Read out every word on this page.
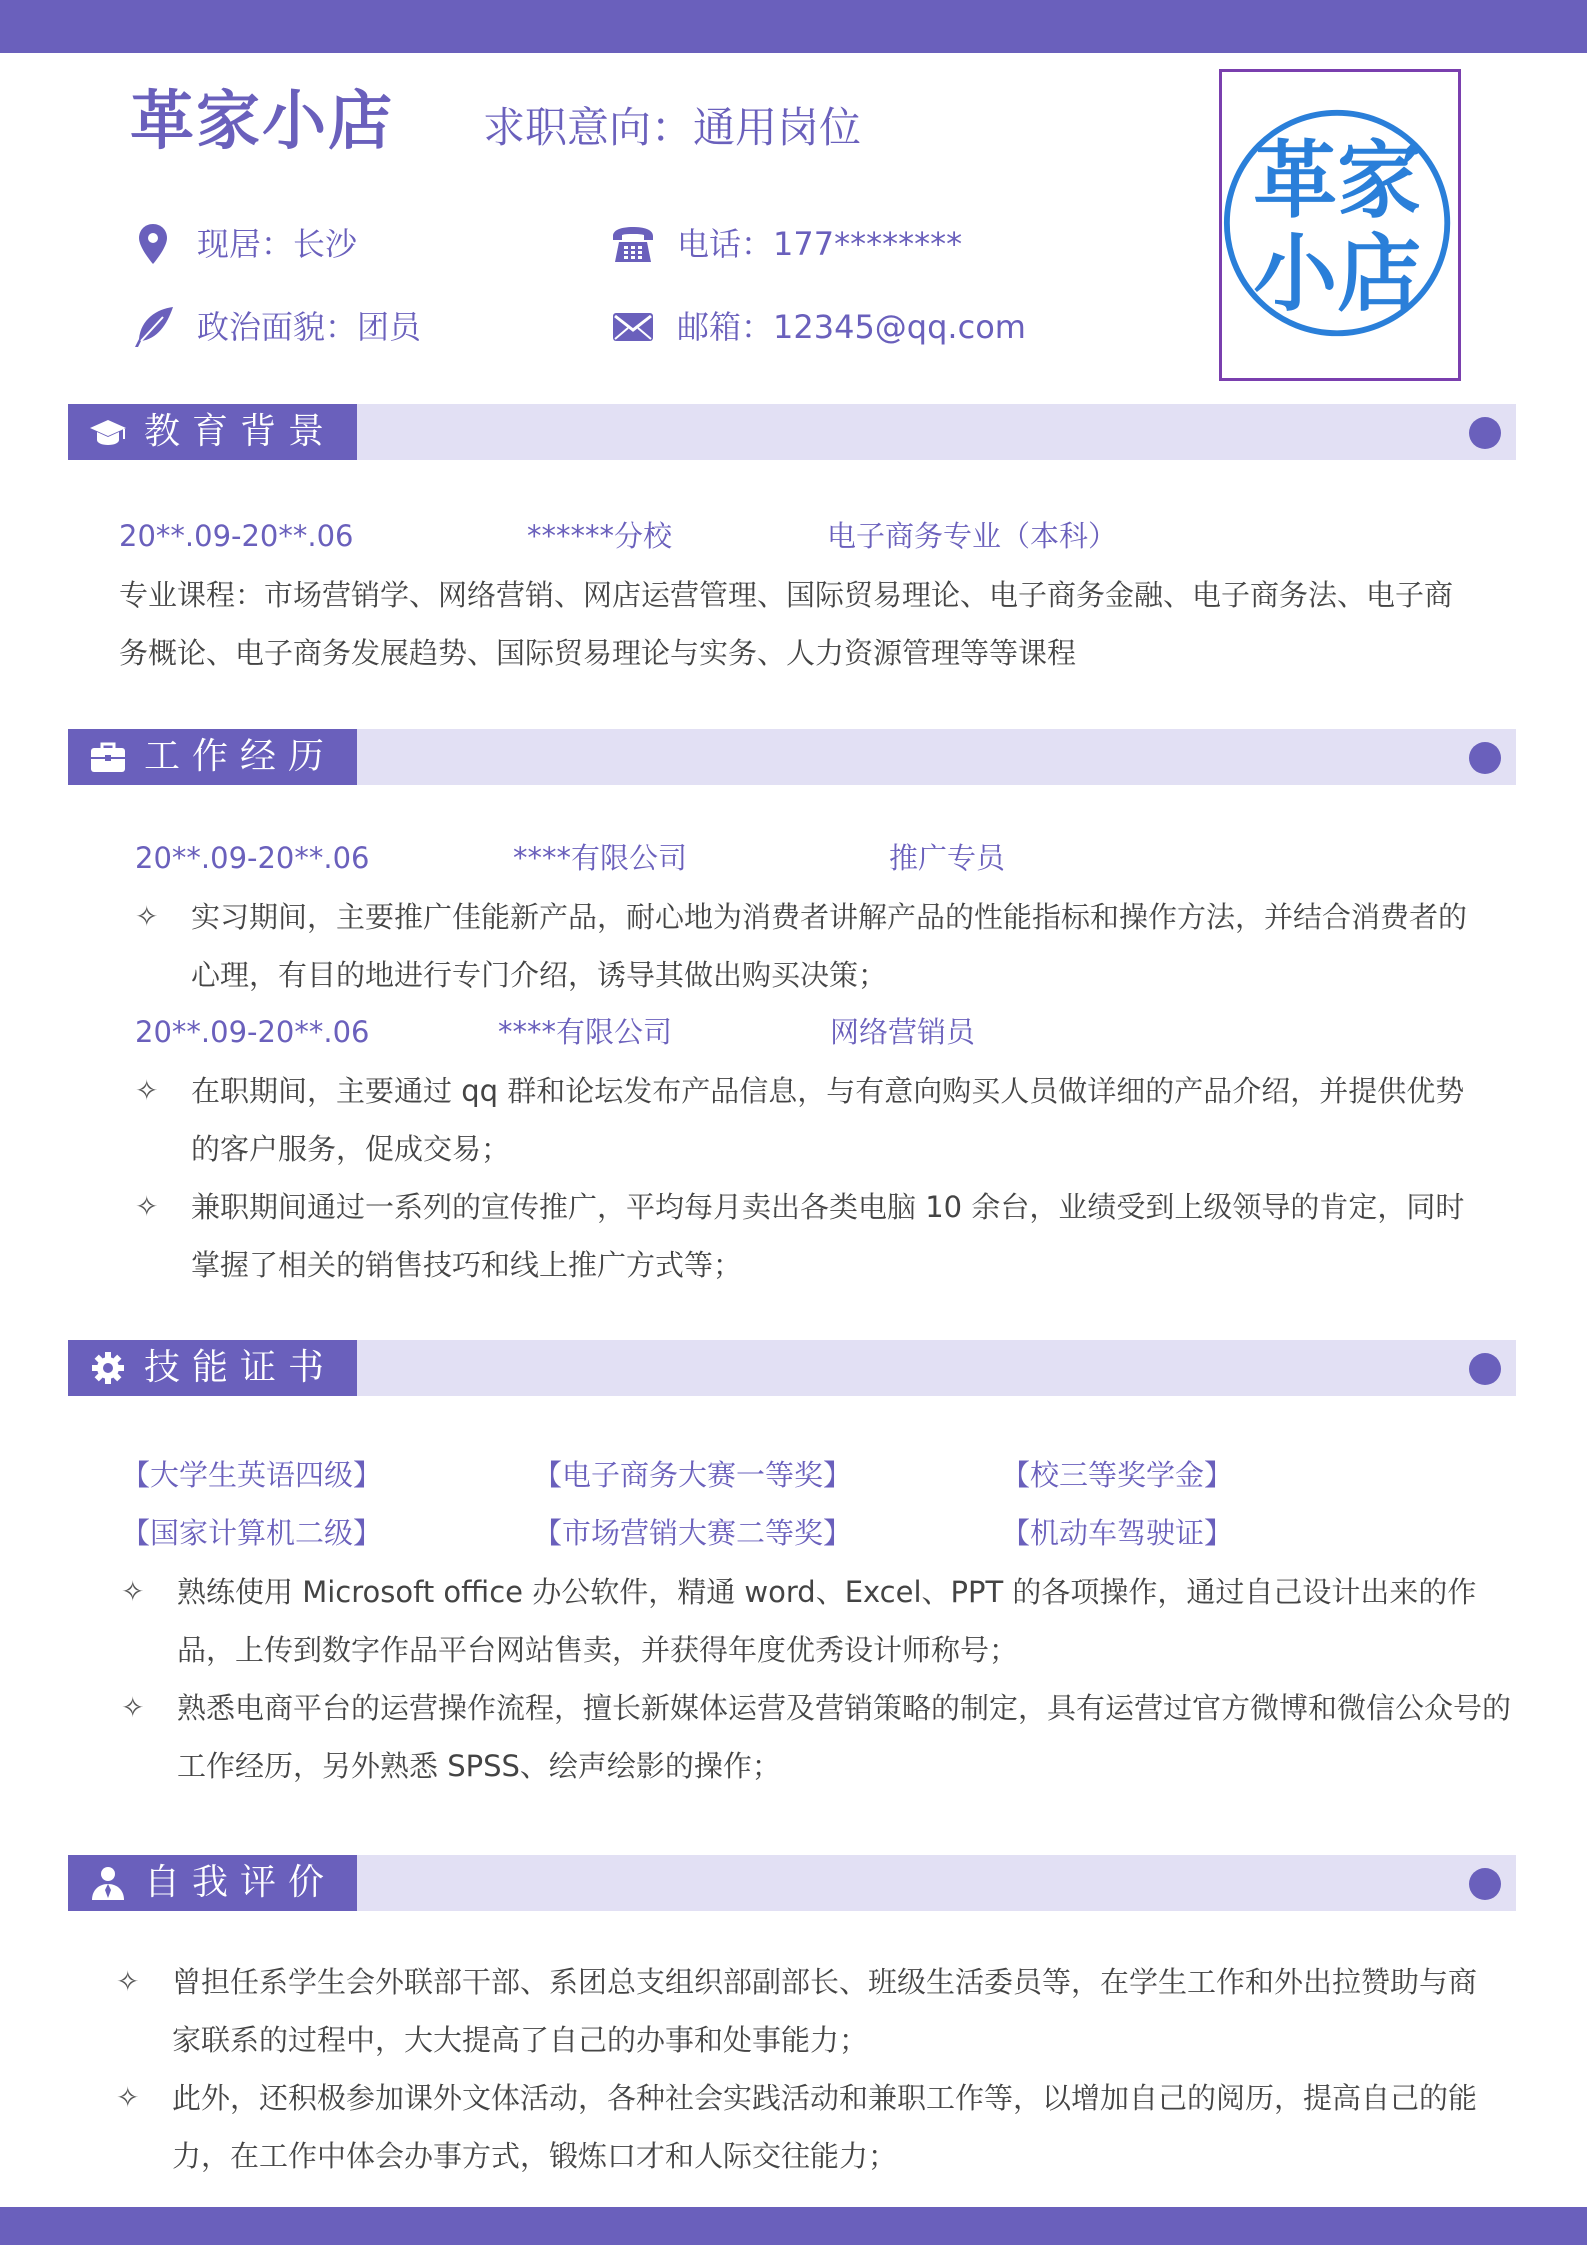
革家小店 求职意向：通用岗位
现居：长沙	电话：177********
政治面貌：团员	邮箱：12345@qq.com
革家
小店
教育背景
20**.09-20**.06	******分校	电子商务专业（本科）
专业课程：市场营销学、网络营销、网店运营管理、国际贸易理论、电子商务金融、电子商务法、电子商务概论、电子商务发展趋势、国际贸易理论与实务、人力资源管理等等课程
工作经历
20**.09-20**.06	****有限公司	推广专员
✧ 实习期间，主要推广佳能新产品，耐心地为消费者讲解产品的性能指标和操作方法，并结合消费者的心理，有目的地进行专门介绍，诱导其做出购买决策；
20**.09-20**.06	****有限公司	网络营销员
✧ 在职期间，主要通过 qq 群和论坛发布产品信息，与有意向购买人员做详细的产品介绍，并提供优势的客户服务，促成交易；
✧ 兼职期间通过一系列的宣传推广，平均每月卖出各类电脑 10 余台，业绩受到上级领导的肯定，同时掌握了相关的销售技巧和线上推广方式等；
技能证书
【大学生英语四级】	【电子商务大赛一等奖】	【校三等奖学金】
【国家计算机二级】	【市场营销大赛二等奖】	【机动车驾驶证】
✧ 熟练使用 Microsoft office 办公软件，精通 word、Excel、PPT 的各项操作，通过自己设计出来的作品，上传到数字作品平台网站售卖，并获得年度优秀设计师称号；
✧ 熟悉电商平台的运营操作流程，擅长新媒体运营及营销策略的制定，具有运营过官方微博和微信公众号的工作经历，另外熟悉 SPSS、绘声绘影的操作；
自我评价
✧ 曾担任系学生会外联部干部、系团总支组织部副部长、班级生活委员等，在学生工作和外出拉赞助与商家联系的过程中，大大提高了自己的办事和处事能力；
✧ 此外，还积极参加课外文体活动，各种社会实践活动和兼职工作等，以增加自己的阅历，提高自己的能力，在工作中体会办事方式，锻炼口才和人际交往能力；
